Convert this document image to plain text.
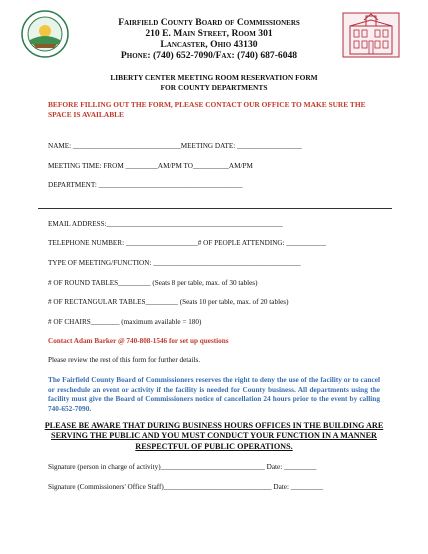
Fairfield County Board of Commissioners
210 E. Main Street, Room 301
Lancaster, Ohio 43130
Phone: (740) 652-7090/Fax: (740) 687-6048
LIBERTY CENTER MEETING ROOM RESERVATION FORM
FOR COUNTY DEPARTMENTS
BEFORE FILLING OUT THE FORM, PLEASE CONTACT OUR OFFICE TO MAKE SURE THE SPACE IS AVAILABLE
NAME: ______________________________MEETING DATE: __________________
MEETING TIME: FROM _________AM/PM TO__________AM/PM
DEPARTMENT: ________________________________________
EMAIL ADDRESS:_________________________________________________
TELEPHONE NUMBER: ____________________# OF PEOPLE ATTENDING: ___________
TYPE OF MEETING/FUNCTION: _________________________________________
# OF ROUND TABLES_________ (Seats 8 per table, max. of 30 tables)
# OF RECTANGULAR TABLES_________ (Seats 10 per table, max. of 20 tables)
# OF CHAIRS________ (maximum available = 180)
Contact Adam Barker @ 740-808-1546 for set up questions
Please review the rest of this form for further details.
The Fairfield County Board of Commissioners reserves the right to deny the use of the facility or to cancel or reschedule an event or activity if the facility is needed for County business. All departments using the facility must give the Board of Commissioners notice of cancellation 24 hours prior to the event by calling 740-652-7090.
PLEASE BE AWARE THAT DURING BUSINESS HOURS OFFICES IN THE BUILDING ARE SERVING THE PUBLIC AND YOU MUST CONDUCT YOUR FUNCTION IN A MANNER RESPECTFUL OF PUBLIC OPERATIONS.
Signature (person in charge of activity)_____________________________ Date: _________
Signature (Commissioners' Office Staff)______________________________ Date: _________
